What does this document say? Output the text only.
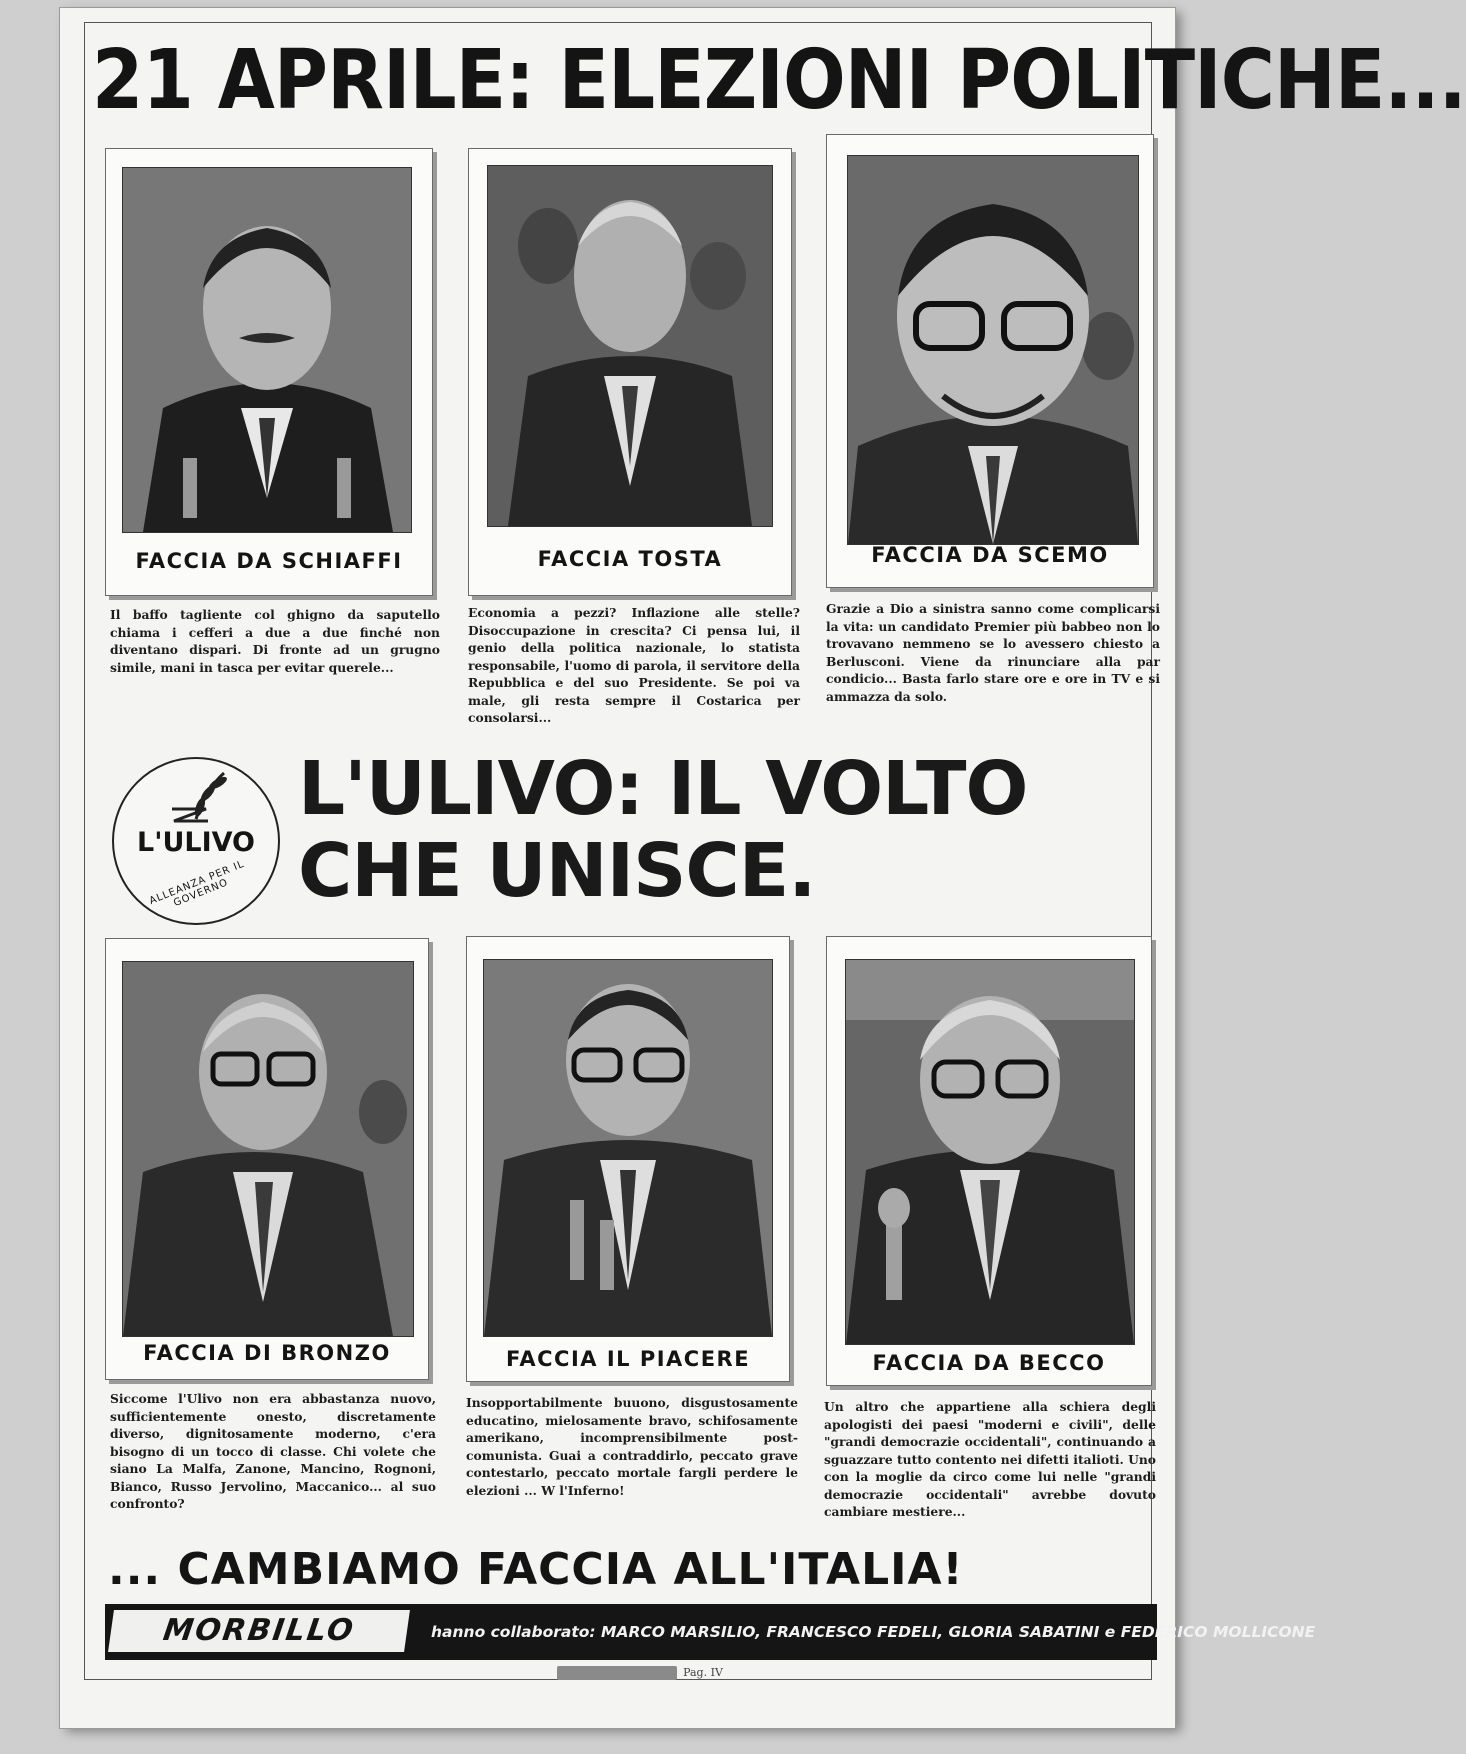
21 APRILE: ELEZIONI POLITICHE...
FACCIA DA SCHIAFFI
Il baffo tagliente col ghigno da saputello chiama i cefferi a due a due finché non diventano dispari. Di fronte ad un grugno simile, mani in tasca per evitar querele...
FACCIA TOSTA
Economia a pezzi? Inflazione alle stelle? Disoccupazione in crescita? Ci pensa lui, il genio della politica nazionale, lo statista responsabile, l'uomo di parola, il servitore della Repubblica e del suo Presidente. Se poi va male, gli resta sempre il Costarica per consolarsi...
FACCIA DA SCEMO
Grazie a Dio a sinistra sanno come complicarsi la vita: un candidato Premier più babbeo non lo trovavano nemmeno se lo avessero chiesto a Berlusconi. Viene da rinunciare alla par condicio... Basta farlo stare ore e ore in TV e si ammazza da solo.
L'ULIVO
ALLEANZA PER IL GOVERNO
L'ULIVO: IL VOLTO
CHE UNISCE.
FACCIA DI BRONZO
Siccome l'Ulivo non era abbastanza nuovo, sufficientemente onesto, discretamente diverso, dignitosamente moderno, c'era bisogno di un tocco di classe. Chi volete che siano La Malfa, Zanone, Mancino, Rognoni, Bianco, Russo Jervolino, Maccanico... al suo confronto?
FACCIA IL PIACERE
Insopportabilmente buuono, disgustosamente educatino, mielosamente bravo, schifosamente amerikano, incomprensibilmente post-comunista. Guai a contraddirlo, peccato grave contestarlo, peccato mortale fargli perdere le elezioni ... W l'Inferno!
FACCIA DA BECCO
Un altro che appartiene alla schiera degli apologisti dei paesi "moderni e civili", delle "grandi democrazie occidentali", continuando a sguazzare tutto contento nei difetti italioti. Uno con la moglie da circo come lui nelle "grandi democrazie occidentali" avrebbe dovuto cambiare mestiere...
... CAMBIAMO FACCIA ALL'ITALIA!
MORBILLO	hanno collaborato: MARCO MARSILIO, FRANCESCO FEDELI, GLORIA SABATINI e FEDERICO MOLLICONE
Pag. IV
